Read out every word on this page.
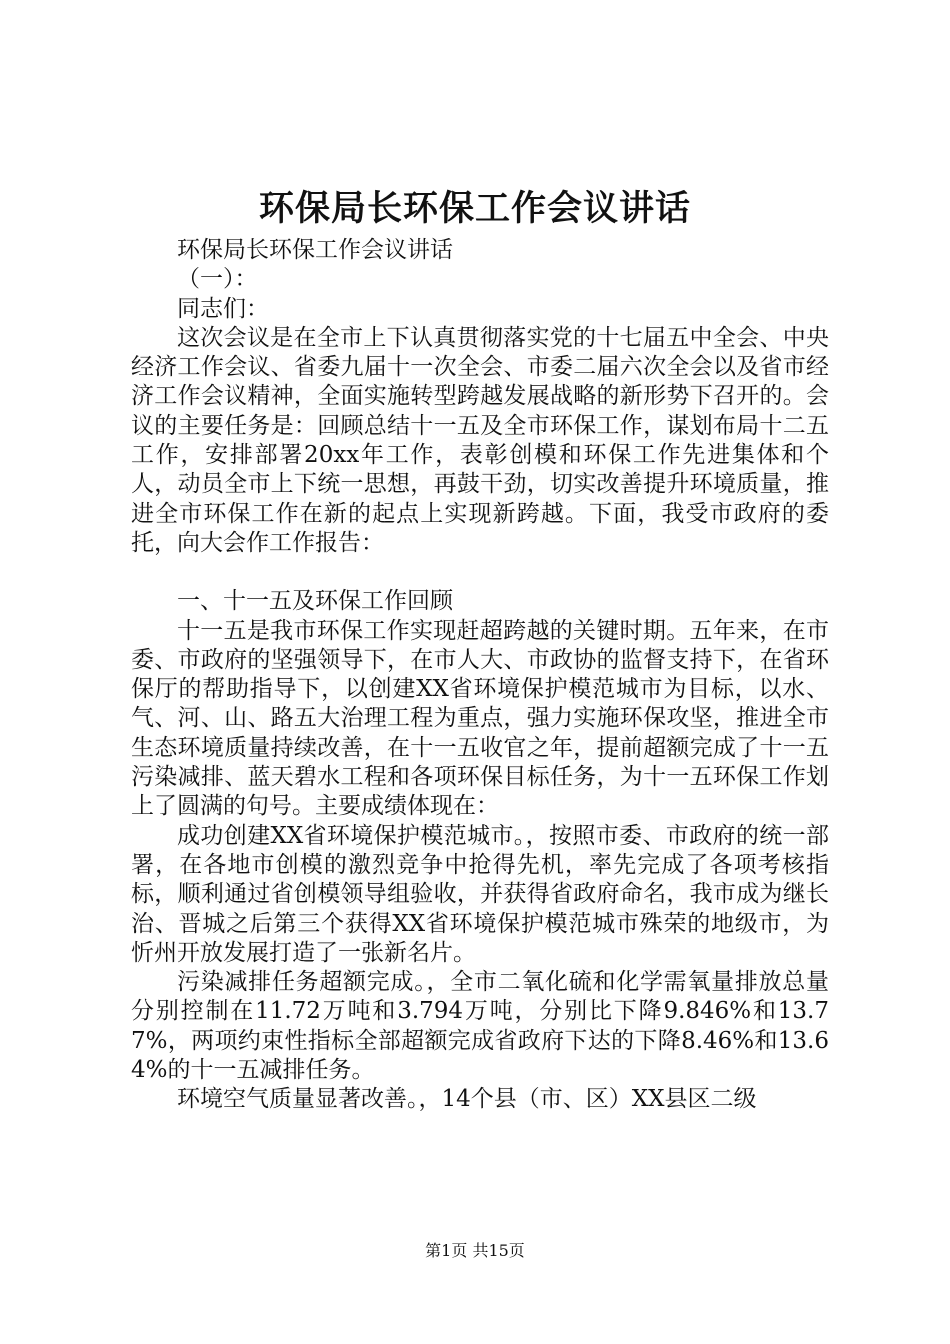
环保局长环保工作会议讲话

环保局长环保工作会议讲话

（一）：

同志们：

这次会议是在全市上下认真贯彻落实党的十七届五中全会、中央经济工作会议、省委九届十一次全会、市委二届六次全会以及省市经济工作会议精神，全面实施转型跨越发展战略的新形势下召开的。会议的主要任务是：回顾总结十一五及全市环保工作，谋划布局十二五工作，安排部署20xx年工作，表彰创模和环保工作先进集体和个人，动员全市上下统一思想，再鼓干劲，切实改善提升环境质量，推进全市环保工作在新的起点上实现新跨越。下面，我受市政府的委托，向大会作工作报告：

一、十一五及环保工作回顾

十一五是我市环保工作实现赶超跨越的关键时期。五年来，在市委、市政府的坚强领导下，在市人大、市政协的监督支持下，在省环保厅的帮助指导下，以创建XX省环境保护模范城市为目标，以水、气、河、山、路五大治理工程为重点，强力实施环保攻坚，推进全市生态环境质量持续改善，在十一五收官之年，提前超额完成了十一五污染减排、蓝天碧水工程和各项环保目标任务，为十一五环保工作划上了圆满的句号。主要成绩体现在：

成功创建XX省环境保护模范城市。，按照市委、市政府的统一部署，在各地市创模的激烈竞争中抢得先机，率先完成了各项考核指标，顺利通过省创模领导组验收，并获得省政府命名，我市成为继长治、晋城之后第三个获得XX省环境保护模范城市殊荣的地级市，为忻州开放发展打造了一张新名片。

污染减排任务超额完成。，全市二氧化硫和化学需氧量排放总量分别控制在11.72万吨和3.794万吨，分别比下降9.846%和13.77%，两项约束性指标全部超额完成省政府下达的下降8.46%和13.64%的十一五减排任务。

环境空气质量显著改善。，14个县（市、区）XX县区二级

第1页 共15页
